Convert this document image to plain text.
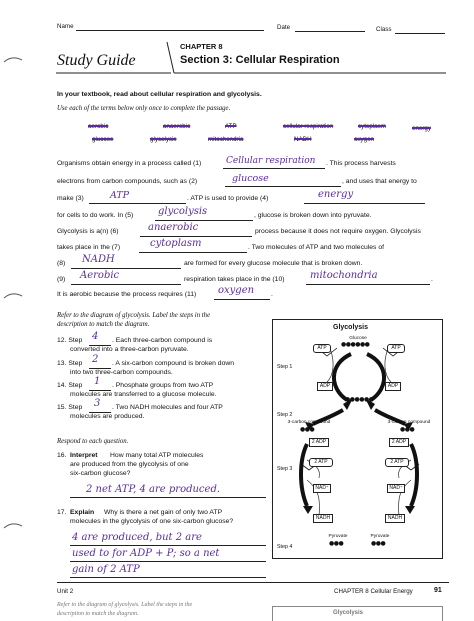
Name	Date	Class
Study Guide
CHAPTER 8
Section 3: Cellular Respiration
In your textbook, read about cellular respiration and glycolysis.
Use each of the terms below only once to complete the passage.
aerobic	anaerobic	ATP	cellular respiration	cytoplasm	energy
glucose	glycolysis	mitochondria	NADH	oxygen
Organisms obtain energy in a process called (1)	Cellular respiration . This process harvests
electrons from carbon compounds, such as (2)	glucose	, and uses that energy to
make (3)	ATP	. ATP is used to provide (4)	energy
for cells to do work. In (5) glycolysis	, glucose is broken down into pyruvate.
Glycolysis is a(n) (6)	anaerobic	process because it does not require oxygen. Glycolysis
takes place in the (7)	cytoplasm	. Two molecules of ATP and two molecules of
(8) NADH	are formed for every glucose molecule that is broken down.
(9) Aerobic	respiration takes place in the (10)	mitochondria	.
It is aerobic because the process requires (11) oxygen .
Refer to the diagram of glycolysis. Label the steps in the
description to match the diagram.
12. Step 4 . Each three-carbon compound is
converted into a three-carbon pyruvate.
13. Step 2 . A six-carbon compound is broken down
into two three-carbon compounds.
14. Step 1 . Phosphate groups from two ATP
molecules are transferred to a glucose molecule.
15. Step 3 . Two NADH molecules and four ATP
molecules are produced.
Respond to each question.
16. Interpret How many total ATP molecules
are produced from the glycolysis of one
six-carbon glucose?
2 net ATP, 4 are produced.
17. Explain Why is there a net gain of only two ATP
molecules in the glycolysis of one six-carbon glucose?
4 are produced, but 2 are
used to for ADP + P; so a net
gain of 2 ATP
Glycolysis
Glucose
●●●●●●
ATP	ATP
Step 1
ADP	ADP
●●●●●●
Step 2
3-carbon compound	3-carbon compound
●●●	●●●
2 ADP	2 ADP
2 ATP	2 ATP
Step 3
NAD⁺	NAD⁺
NADH	NADH
Pyruvate	Pyruvate
●●●	●●●
Step 4
Unit 2	CHAPTER 8 Cellular Energy	91
Refer to the diagram of glycolysis. Label the steps in the
description to match the diagram.	Glycolysis
